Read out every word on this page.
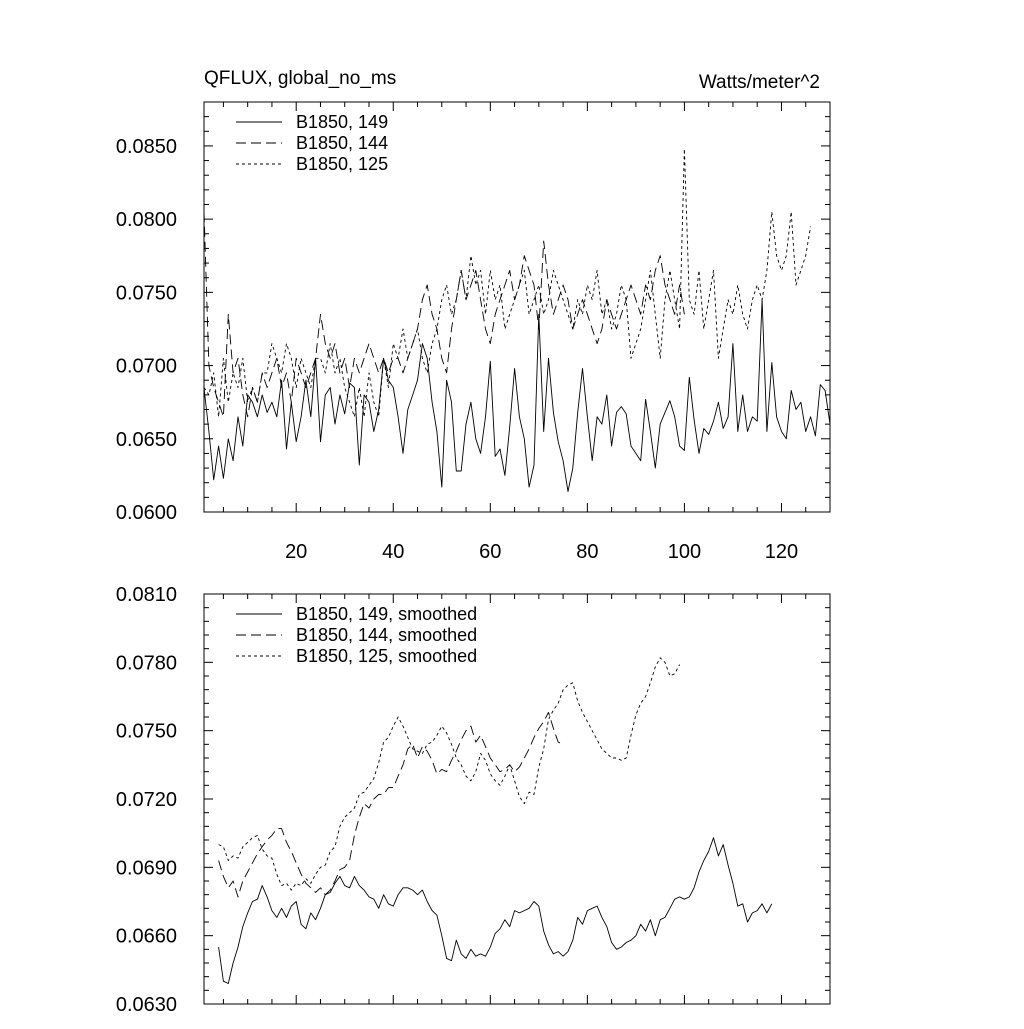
0.0600
0.0650
0.0700
0.0750
0.0800
0.0850
20	40	60	80	100	120
QFLUX, global_no_ms	Watts/meter^2
B1850, 149
B1850, 144
B1850, 125
0.0630
0.0660
0.0690
0.0720
0.0750
0.0780
0.0810
B1850, 149, smoothed
B1850, 144, smoothed
B1850, 125, smoothed
